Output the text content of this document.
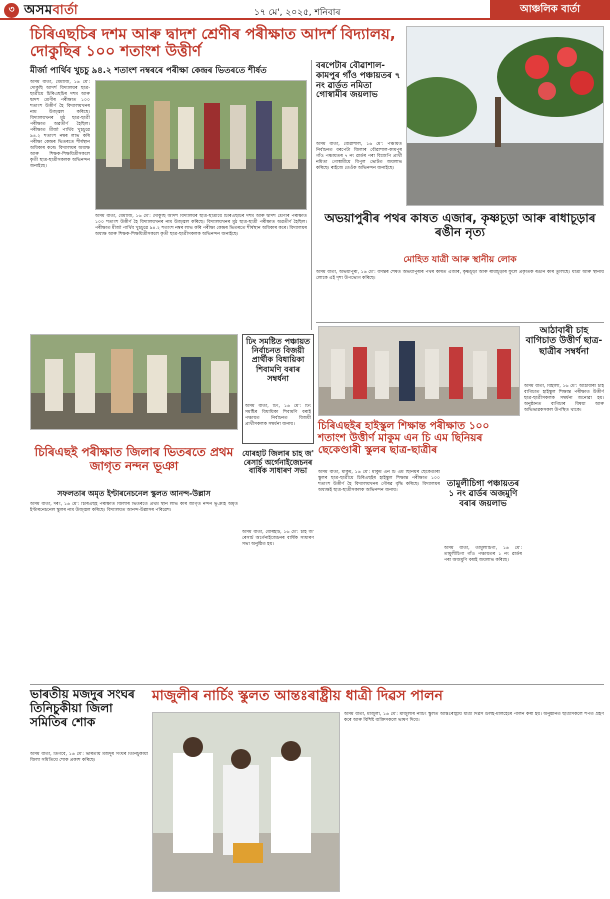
৩ অসমবাৰ্তা	১৭ মে', ২০২৫, শনিবাৰ	আঞ্চলিক বাৰ্তা
চিৰিএছচিৰ দশম আৰু দ্বাদশ শ্ৰেণীৰ পৰীক্ষাত আদৰ্শ বিদ্যালয়, দোকুছিৰ ১০০ শতাংশ উত্তীৰ্ণ
মীৰ্জা পাৰ্থিব খুচচু ৯৪.২ শতাংশ নম্বৰৰে পৰীক্ষা কেন্দ্ৰৰ ভিতৰতে শীৰ্ষত
অসম বাৰ্তা, ধেমাজি, ১৬ মে': দোকুছি আদৰ্শ বিদ্যালয়ৰ ছাত্ৰ-ছাত্ৰীয়ে চিৰিএছচিৰ দশম আৰু দ্বাদশ শ্ৰেণীৰ পৰীক্ষাত ১০০ শতাংশ উত্তীৰ্ণ হৈ বিদ্যালয়খনৰ নাম উজ্জ্বল কৰিছে। বিদ্যালয়খনৰ মুঠ ছাত্ৰ-ছাত্ৰী পৰীক্ষাত অৱতীৰ্ণ হৈছিল। পৰীক্ষাত মীৰ্জা পাৰ্থিব খুচচুৱে ৯৪.২ শতাংশ নম্বৰ লাভ কৰি পৰীক্ষা কেন্দ্ৰৰ ভিতৰতে শীৰ্ষস্থান অধিকাৰ কৰে। বিদ্যালয়ৰ অধ্যক্ষ আৰু শিক্ষক-শিক্ষয়িত্ৰীসকলে কৃতী ছাত্ৰ-ছাত্ৰীসকলক অভিনন্দন জনাইছে।
অসম বাৰ্তা, ধেমাজি, ১৬ মে': দোকুছি আদৰ্শ বিদ্যালয়ৰ ছাত্ৰ-ছাত্ৰীয়ে চিৰিএছচিৰ দশম আৰু দ্বাদশ শ্ৰেণীৰ পৰীক্ষাত ১০০ শতাংশ উত্তীৰ্ণ হৈ বিদ্যালয়খনৰ নাম উজ্জ্বল কৰিছে। বিদ্যালয়খনৰ মুঠ ছাত্ৰ-ছাত্ৰী পৰীক্ষাত অৱতীৰ্ণ হৈছিল। পৰীক্ষাত মীৰ্জা পাৰ্থিব খুচচুৱে ৯৪.২ শতাংশ নম্বৰ লাভ কৰি পৰীক্ষা কেন্দ্ৰৰ ভিতৰতে শীৰ্ষস্থান অধিকাৰ কৰে। বিদ্যালয়ৰ অধ্যক্ষ আৰু শিক্ষক-শিক্ষয়িত্ৰীসকলে কৃতী ছাত্ৰ-ছাত্ৰীসকলক অভিনন্দন জনাইছে।
বৰপেটাৰ বৌৱাশাল-কামপুৰ গাঁও পঞ্চায়তৰ ৭ নং ৱাৰ্ডত নমিতা গোস্বামীৰ জয়লাভ
অসম বাৰ্তা, বৌৱাশাল, ১৬ মে': পঞ্চায়ত নিৰ্বাচনত বৰপেটা জিলাৰ বৌৱাশাল-কামপুৰ গাঁও পঞ্চায়তৰ ৭ নং ৱাৰ্ডৰ পৰা বিজেপি প্ৰাৰ্থী নমিতা গোস্বামীয়ে বিপুল ভোটত জয়লাভ কৰিছে। ৰাইজে তেওঁক অভিনন্দন জনাইছে।
অভয়াপুৰীৰ পথৰ কাষত এজাৰ, কৃষ্ণচূড়া আৰু ৰাধাচূড়াৰ ৰঙীন নৃত্য
মোহিত যাত্ৰী আৰু স্থানীয় লোক
অসম বাৰ্তা, অভয়াপুৰী, ১৬ মে': বসন্তৰ শেষত অভয়াপুৰীৰ পথৰ কাষত এজাৰ, কৃষ্ণচূড়া আৰু ৰাধাচূড়াৰ ফুলে প্ৰকৃতিক ৰঙীন কৰি তুলিছে। যাত্ৰী আৰু স্থানীয় লোকে এই দৃশ্য উপভোগ কৰিছে।
আঠাবাৰী চাহ বাগিচাত উত্তীৰ্ণ ছাত্ৰ-ছাত্ৰীৰ সম্বৰ্ধনা
অসম বাৰ্তা, বিহালী, ১৬ মে': আঠাবাৰী চাহ বাগিচাত হাইস্কুল শিক্ষান্ত পৰীক্ষাত উত্তীৰ্ণ ছাত্ৰ-ছাত্ৰীসকলক সম্বৰ্ধনা জনোৱা হয়। অনুষ্ঠানত বাগিচাৰ বিষয়া আৰু অভিভাৱকসকল উপস্থিত থাকে।
ঢিং সমষ্টিত পঞ্চায়ত নিৰ্বাচনত বিজয়ী প্ৰাৰ্থীক বিধায়িকা শিবামণি বৰাৰ সম্বৰ্ধনা
অসম বাৰ্তা, ঢিং, ১৬ মে': ঢিং সমষ্টিৰ বিধায়িকা শিবামণি বৰাই পঞ্চায়ত নিৰ্বাচনত বিজয়ী প্ৰাৰ্থীসকলক সম্বৰ্ধনা জনায়।	চিৰিএছইৰ হাইস্কুল শিক্ষান্ত পৰীক্ষাত ১০০ শতাংশ উত্তীৰ্ণ মাকুম এন চি এম ছিনিয়ৰ ছেকেণ্ডাৰী স্কুলৰ ছাত্ৰ-ছাত্ৰীৰ
অসম বাৰ্তা, মাকুম, ১৬ মে': মাকুম এন চি এম ছিনিয়ৰ ছেকেণ্ডাৰী স্কুলৰ ছাত্ৰ-ছাত্ৰীয়ে চিৰিএছইৰ হাইস্কুল শিক্ষান্ত পৰীক্ষাত ১০০ শতাংশ উত্তীৰ্ণ হৈ বিদ্যালয়খনৰ গৌৰৱ বৃদ্ধি কৰিছে। বিদ্যালয়ৰ অধ্যক্ষই ছাত্ৰ-ছাত্ৰীসকলক অভিনন্দন জনায়।
তামুলীচিগা পঞ্চায়তৰ ১ নং ৱাৰ্ডৰ অজমুণি বৰাৰ জয়লাভ
অসম বাৰ্তা, তামুলীচিগা, ১৬ মে': তামুলীচিগা গাঁও পঞ্চায়তৰ ১ নং ৱাৰ্ডৰ পৰা অজমুণি বৰাই জয়লাভ কৰিছে।
চিৰিএছই পৰীক্ষাত জিলাৰ ভিতৰতে প্ৰথম জাগৃত নন্দন ভূঞা
সফলতাৰ অমৃত ইণ্টাৰনেচনেল স্কুলত আনন্দ-উল্লাস
অসম বাৰ্তা, দৰং, ১৬ মে': চিৰিএছই পৰীক্ষাত জিলাৰ ভিতৰতে প্ৰথম স্থান লাভ কৰি জাগৃত নন্দন ভূঞাই অমৃত ইণ্টাৰনেচনেল স্কুলৰ নাম উজ্জ্বল কৰিছে। বিদ্যালয়ত আনন্দ-উল্লাসৰ পৰিৱেশ।
যোৰহাট জিলাৰ চাহ জ' ৰেসাৰ্চ অৰ্গেনাইজেচনৰ বাৰ্ষিক সাধাৰণ সভা
অসম বাৰ্তা, যোৰহাট, ১৬ মে': চাহ জ' ৰেসাৰ্চ অৰ্গেনাইজেচনৰ বাৰ্ষিক সাধাৰণ সভা অনুষ্ঠিত হয়।
ভাৰতীয় মজদুৰ সংঘৰ তিনিচুকীয়া জিলা সমিতিৰ শোক
অসম বাৰ্তা, ডিগবৈ, ১৬ মে': ভাৰতীয় মজদুৰ সংঘৰ তিনিচুকীয়া জিলা সমিতিয়ে শোক প্ৰকাশ কৰিছে।
মাজুলীৰ নাৰ্চিং স্কুলত আন্তঃৰাষ্ট্ৰীয় ধাত্ৰী দিৱস পালন
অসম বাৰ্তা, মাজুলী, ১৬ মে': মাজুলীৰ নাৰ্চিং স্কুলত আন্তঃৰাষ্ট্ৰীয় ধাত্ৰী দিৱস উলহ-মালহেৰে পালন কৰা হয়। অনুষ্ঠানত ছাত্ৰীসকলে শপত গ্ৰহণ কৰে আৰু বিশিষ্ট ব্যক্তিসকলে ভাষণ দিয়ে।
